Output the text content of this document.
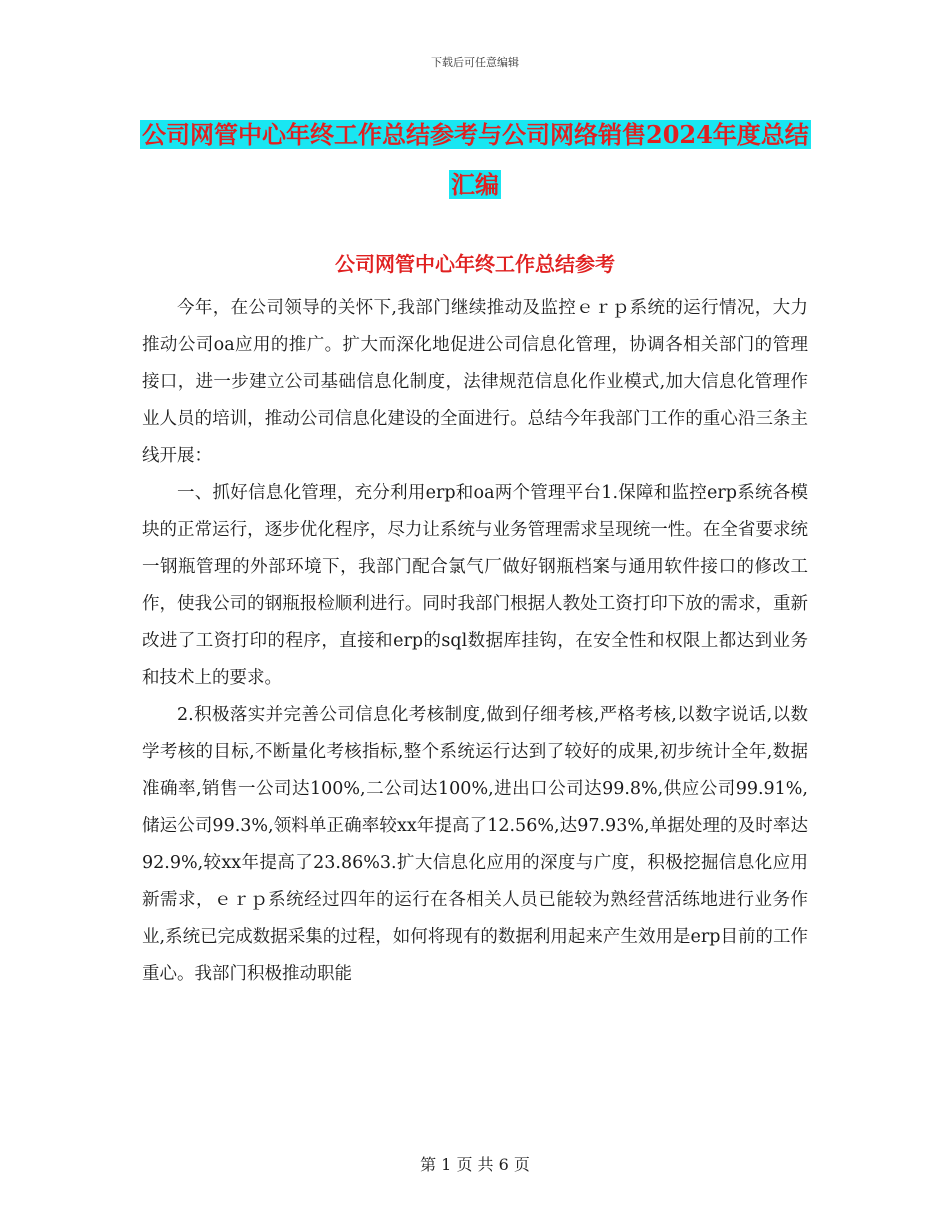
下载后可任意编辑
公司网管中心年终工作总结参考与公司网络销售2024年度总结汇编
公司网管中心年终工作总结参考

今年，在公司领导的关怀下,我部门继续推动及监控ｅｒｐ系统的运行情况，大力推动公司oa应用的推广。扩大而深化地促进公司信息化管理，协调各相关部门的管理接口，进一步建立公司基础信息化制度，法律规范信息化作业模式,加大信息化管理作业人员的培训，推动公司信息化建设的全面进行。总结今年我部门工作的重心沿三条主线开展：

一、抓好信息化管理，充分利用erp和oa两个管理平台1.保障和监控erp系统各模块的正常运行，逐步优化程序，尽力让系统与业务管理需求呈现统一性。在全省要求统一钢瓶管理的外部环境下，我部门配合氯气厂做好钢瓶档案与通用软件接口的修改工作，使我公司的钢瓶报检顺利进行。同时我部门根据人教处工资打印下放的需求，重新改进了工资打印的程序，直接和erp的sql数据库挂钩，在安全性和权限上都达到业务和技术上的要求。

2.积极落实并完善公司信息化考核制度,做到仔细考核,严格考核,以数字说话,以数学考核的目标,不断量化考核指标,整个系统运行达到了较好的成果,初步统计全年,数据准确率,销售一公司达100%,二公司达100%,进出口公司达99.8%,供应公司99.91%,储运公司99.3%,领料单正确率较xx年提高了12.56%,达97.93%,单据处理的及时率达92.9%,较xx年提高了23.86%3.扩大信息化应用的深度与广度，积极挖掘信息化应用新需求，ｅｒｐ系统经过四年的运行在各相关人员已能较为熟经营活练地进行业务作业,系统已完成数据采集的过程，如何将现有的数据利用起来产生效用是erp目前的工作重心。我部门积极推动职能

第 1 页 共 6 页
